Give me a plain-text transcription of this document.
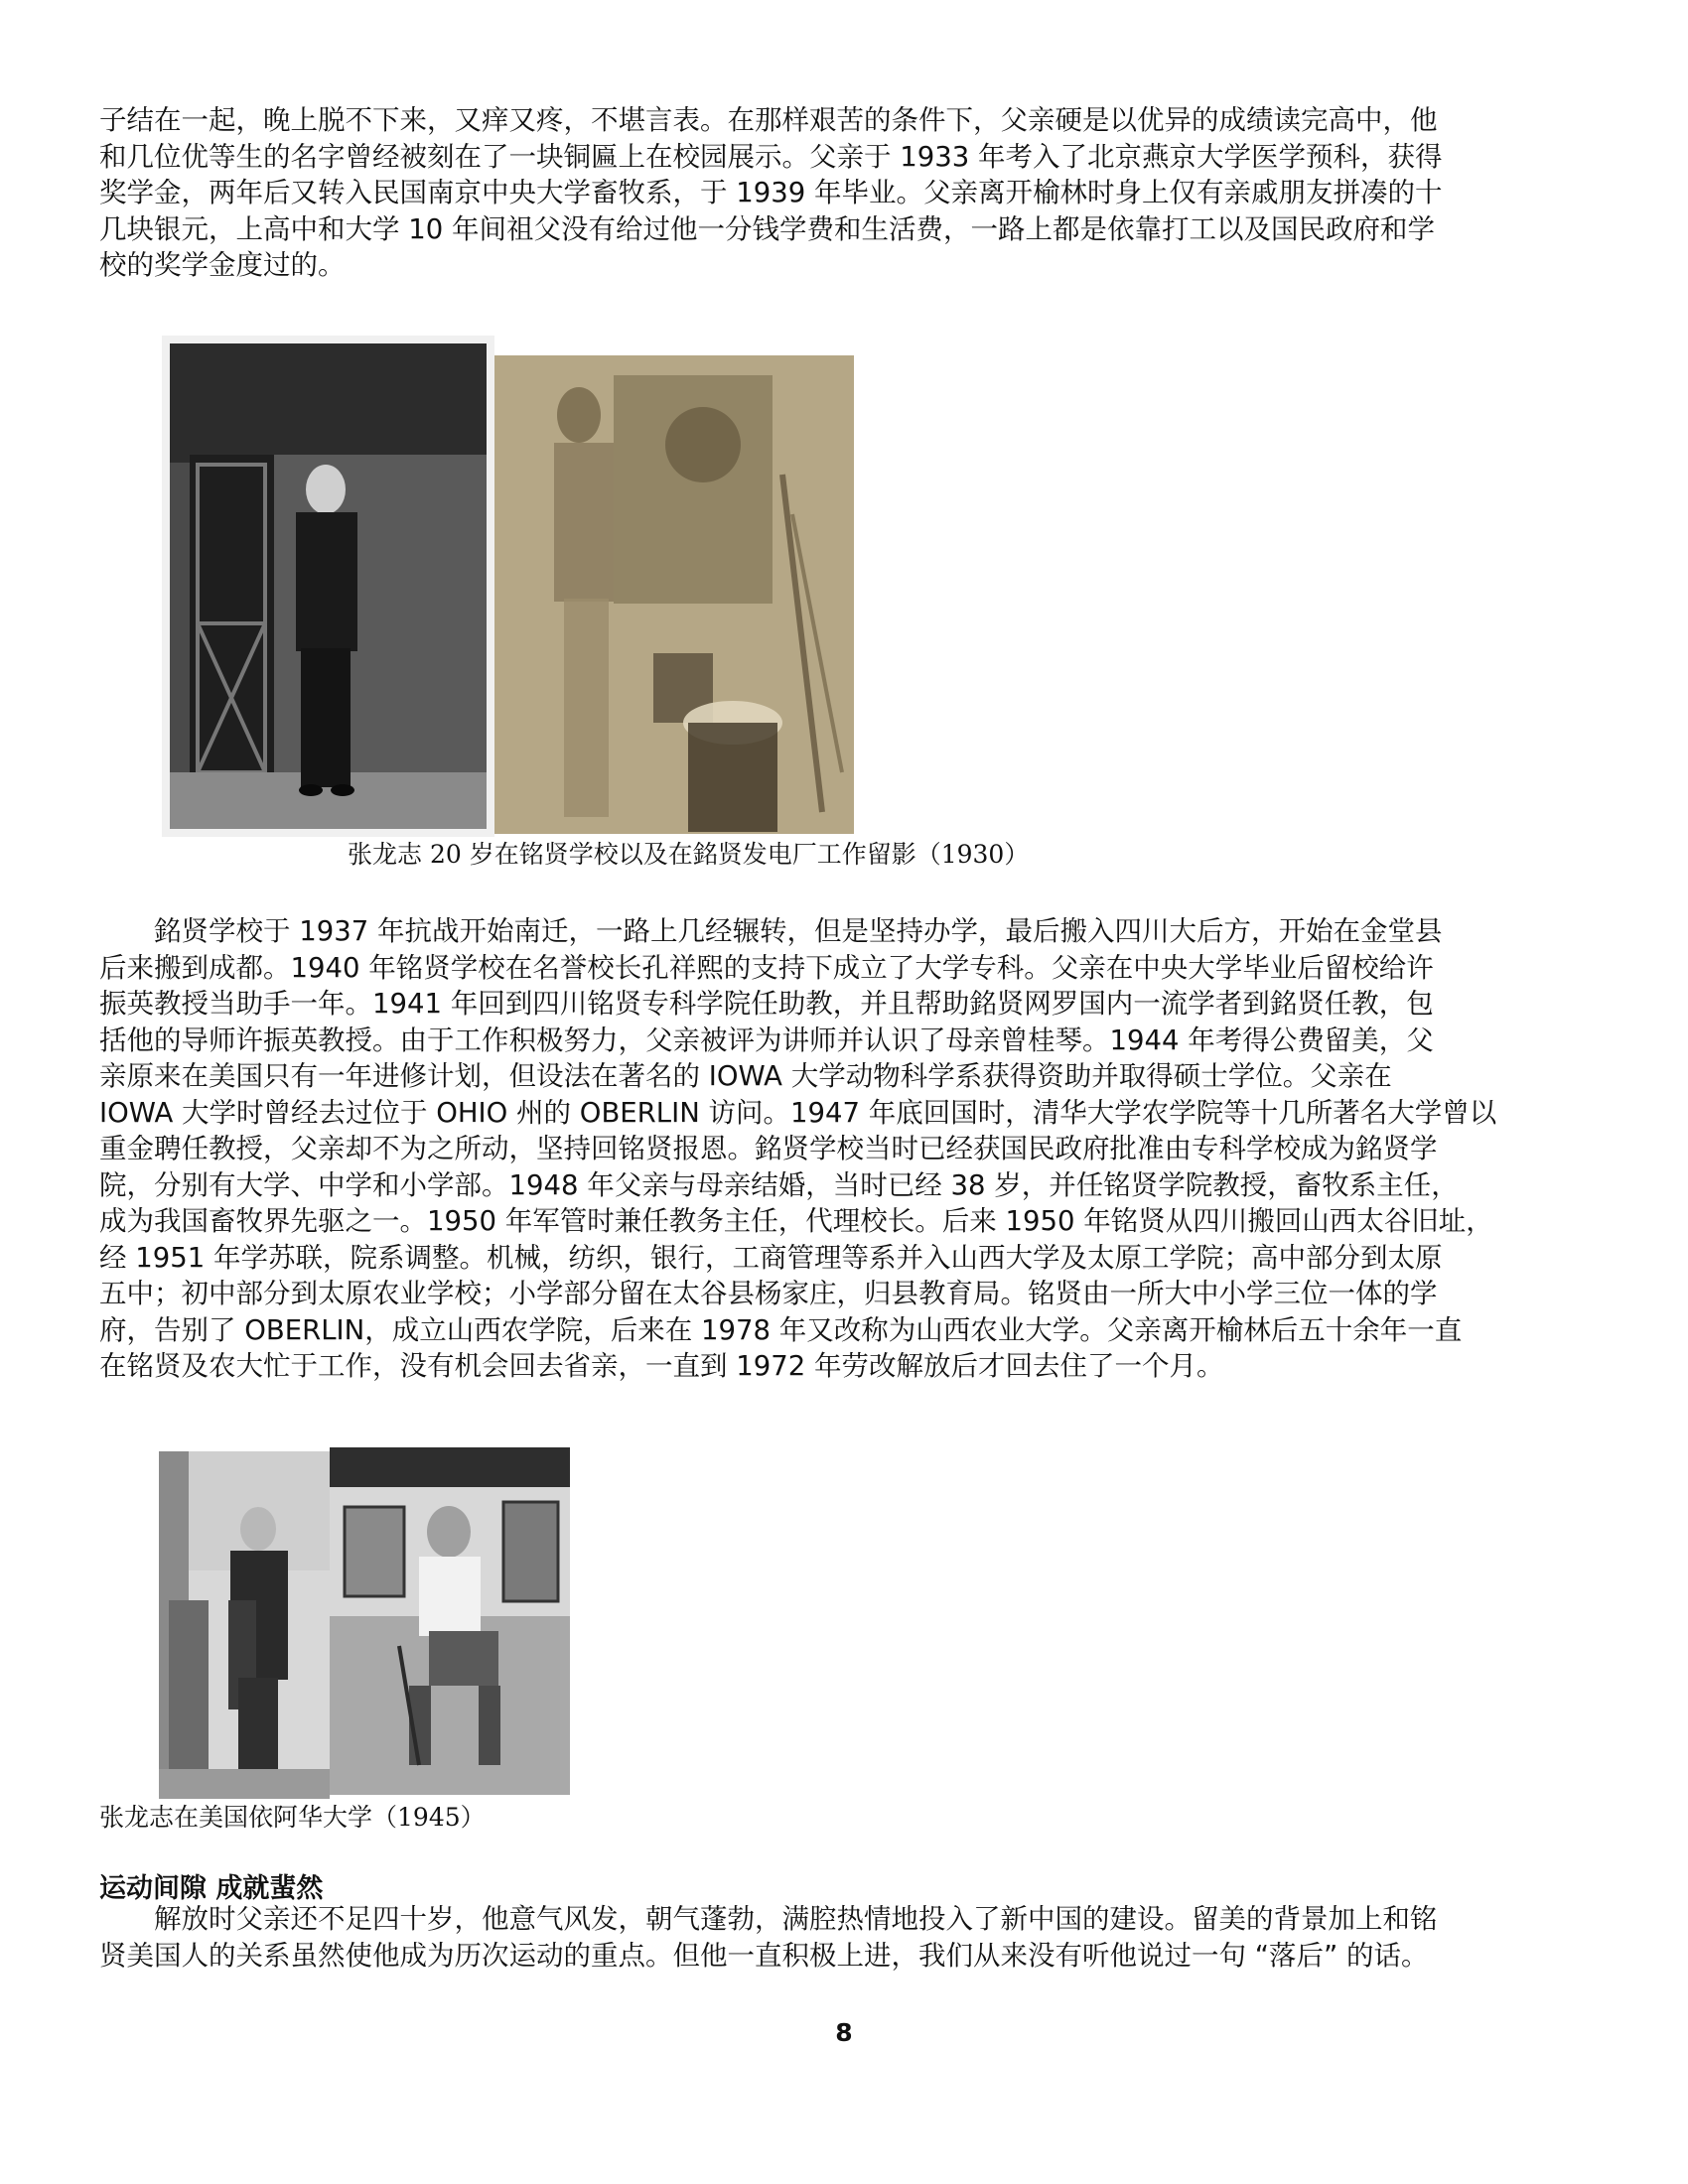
子结在一起，晚上脱不下来，又痒又疼，不堪言表。在那样艰苦的条件下，父亲硬是以优异的成绩读完高中，他
和几位优等生的名字曾经被刻在了一块铜匾上在校园展示。父亲于 1933 年考入了北京燕京大学医学预科，获得
奖学金，两年后又转入民国南京中央大学畜牧系，于 1939 年毕业。父亲离开榆林时身上仅有亲戚朋友拼凑的十
几块银元，上高中和大学 10 年间祖父没有给过他一分钱学费和生活费，一路上都是依靠打工以及国民政府和学
校的奖学金度过的。
张龙志 20 岁在铭贤学校以及在銘贤发电厂工作留影（1930）
　　銘贤学校于 1937 年抗战开始南迁，一路上几经辗转，但是坚持办学，最后搬入四川大后方，开始在金堂县
后来搬到成都。1940 年铭贤学校在名誉校长孔祥熙的支持下成立了大学专科。父亲在中央大学毕业后留校给许
振英教授当助手一年。1941 年回到四川铭贤专科学院任助教，并且帮助銘贤网罗国内一流学者到銘贤任教，包
括他的导师许振英教授。由于工作积极努力，父亲被评为讲师并认识了母亲曾桂琴。1944 年考得公费留美，父
亲原来在美国只有一年进修计划，但设法在著名的 IOWA 大学动物科学系获得资助并取得硕士学位。父亲在
IOWA 大学时曾经去过位于 OHIO 州的 OBERLIN 访问。1947 年底回国时，清华大学农学院等十几所著名大学曾以
重金聘任教授，父亲却不为之所动，坚持回铭贤报恩。銘贤学校当时已经获国民政府批准由专科学校成为銘贤学
院，分别有大学、中学和小学部。1948 年父亲与母亲结婚，当时已经 38 岁，并任铭贤学院教授，畜牧系主任，
成为我国畜牧界先驱之一。1950 年军管时兼任教务主任，代理校长。后来 1950 年铭贤从四川搬回山西太谷旧址，
经 1951 年学苏联，院系调整。机械，纺织，银行，工商管理等系并入山西大学及太原工学院；高中部分到太原
五中；初中部分到太原农业学校；小学部分留在太谷县杨家庄，归县教育局。铭贤由一所大中小学三位一体的学
府，告别了 OBERLIN，成立山西农学院，后来在 1978 年又改称为山西农业大学。父亲离开榆林后五十余年一直
在铭贤及农大忙于工作，没有机会回去省亲，一直到 1972 年劳改解放后才回去住了一个月。
张龙志在美国依阿华大学（1945）
运动间隙 成就蜚然
　　解放时父亲还不足四十岁，他意气风发，朝气蓬勃，满腔热情地投入了新中国的建设。留美的背景加上和铭
贤美国人的关系虽然使他成为历次运动的重点。但他一直积极上进，我们从来没有听他说过一句 “落后” 的话。
8
